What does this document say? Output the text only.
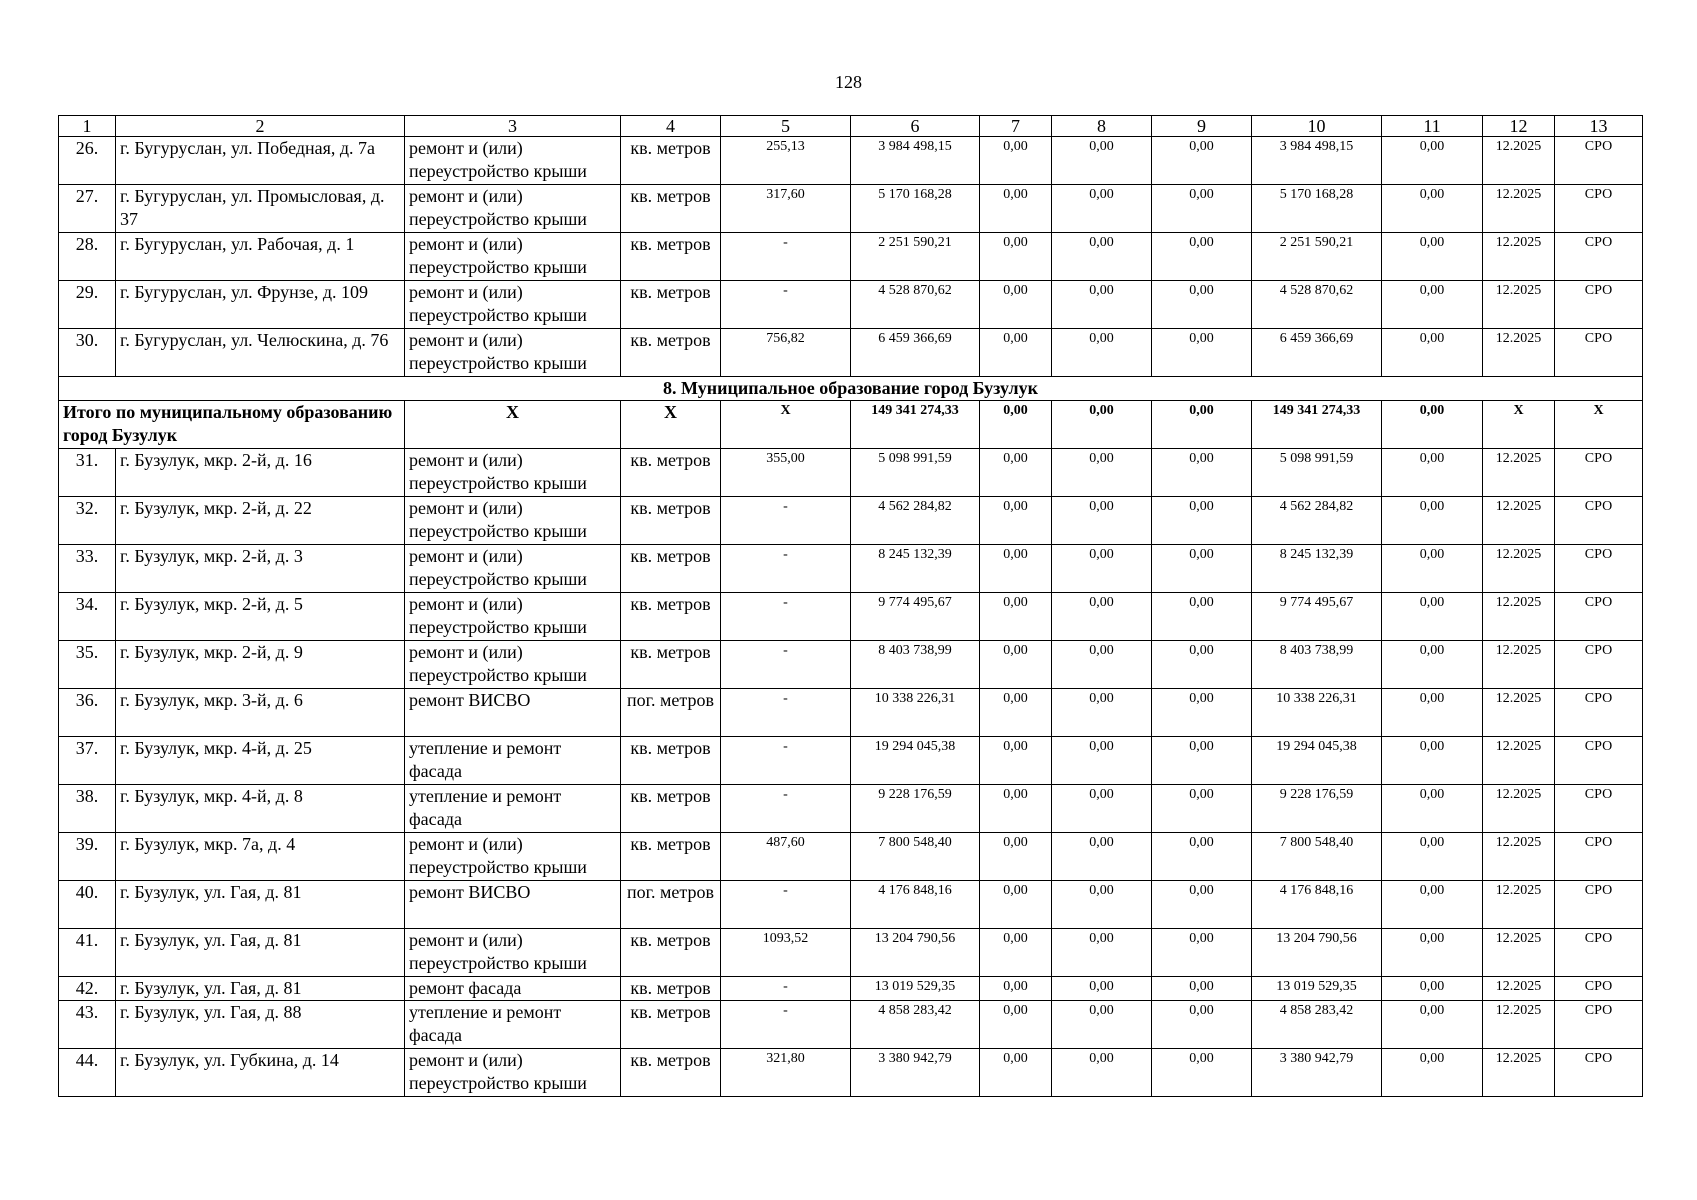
128
1	2	3	4	5	6	7	8	9	10	11	12	13
26.	г. Бугуруслан, ул. Победная, д. 7а	ремонт и (или) переустройство крыши	кв. метров	255,13	3 984 498,15	0,00	0,00	0,00	3 984 498,15	0,00	12.2025	СРО
27.	г. Бугуруслан, ул. Промысловая, д. 37	ремонт и (или) переустройство крыши	кв. метров	317,60	5 170 168,28	0,00	0,00	0,00	5 170 168,28	0,00	12.2025	СРО
28.	г. Бугуруслан, ул. Рабочая, д. 1	ремонт и (или) переустройство крыши	кв. метров	-	2 251 590,21	0,00	0,00	0,00	2 251 590,21	0,00	12.2025	СРО
29.	г. Бугуруслан, ул. Фрунзе, д. 109	ремонт и (или) переустройство крыши	кв. метров	-	4 528 870,62	0,00	0,00	0,00	4 528 870,62	0,00	12.2025	СРО
30.	г. Бугуруслан, ул. Челюскина, д. 76	ремонт и (или) переустройство крыши	кв. метров	756,82	6 459 366,69	0,00	0,00	0,00	6 459 366,69	0,00	12.2025	СРО
8. Муниципальное образование город Бузулук												
Итого по муниципальному образованию город Бузулук		Х	Х	Х	149 341 274,33	0,00	0,00	0,00	149 341 274,33	0,00	Х	Х
31.	г. Бузулук, мкр. 2-й, д. 16	ремонт и (или) переустройство крыши	кв. метров	355,00	5 098 991,59	0,00	0,00	0,00	5 098 991,59	0,00	12.2025	СРО
32.	г. Бузулук, мкр. 2-й, д. 22	ремонт и (или) переустройство крыши	кв. метров	-	4 562 284,82	0,00	0,00	0,00	4 562 284,82	0,00	12.2025	СРО
33.	г. Бузулук, мкр. 2-й, д. 3	ремонт и (или) переустройство крыши	кв. метров	-	8 245 132,39	0,00	0,00	0,00	8 245 132,39	0,00	12.2025	СРО
34.	г. Бузулук, мкр. 2-й, д. 5	ремонт и (или) переустройство крыши	кв. метров	-	9 774 495,67	0,00	0,00	0,00	9 774 495,67	0,00	12.2025	СРО
35.	г. Бузулук, мкр. 2-й, д. 9	ремонт и (или) переустройство крыши	кв. метров	-	8 403 738,99	0,00	0,00	0,00	8 403 738,99	0,00	12.2025	СРО
36.	г. Бузулук, мкр. 3-й, д. 6	ремонт ВИСВО	пог. метров	-	10 338 226,31	0,00	0,00	0,00	10 338 226,31	0,00	12.2025	СРО
37.	г. Бузулук, мкр. 4-й, д. 25	утепление и ремонт фасада	кв. метров	-	19 294 045,38	0,00	0,00	0,00	19 294 045,38	0,00	12.2025	СРО
38.	г. Бузулук, мкр. 4-й, д. 8	утепление и ремонт фасада	кв. метров	-	9 228 176,59	0,00	0,00	0,00	9 228 176,59	0,00	12.2025	СРО
39.	г. Бузулук, мкр. 7а, д. 4	ремонт и (или) переустройство крыши	кв. метров	487,60	7 800 548,40	0,00	0,00	0,00	7 800 548,40	0,00	12.2025	СРО
40.	г. Бузулук, ул. Гая, д. 81	ремонт ВИСВО	пог. метров	-	4 176 848,16	0,00	0,00	0,00	4 176 848,16	0,00	12.2025	СРО
41.	г. Бузулук, ул. Гая, д. 81	ремонт и (или) переустройство крыши	кв. метров	1093,52	13 204 790,56	0,00	0,00	0,00	13 204 790,56	0,00	12.2025	СРО
42.	г. Бузулук, ул. Гая, д. 81	ремонт фасада	кв. метров	-	13 019 529,35	0,00	0,00	0,00	13 019 529,35	0,00	12.2025	СРО
43.	г. Бузулук, ул. Гая, д. 88	утепление и ремонт фасада	кв. метров	-	4 858 283,42	0,00	0,00	0,00	4 858 283,42	0,00	12.2025	СРО
44.	г. Бузулук, ул. Губкина, д. 14	ремонт и (или) переустройство крыши	кв. метров	321,80	3 380 942,79	0,00	0,00	0,00	3 380 942,79	0,00	12.2025	СРО
